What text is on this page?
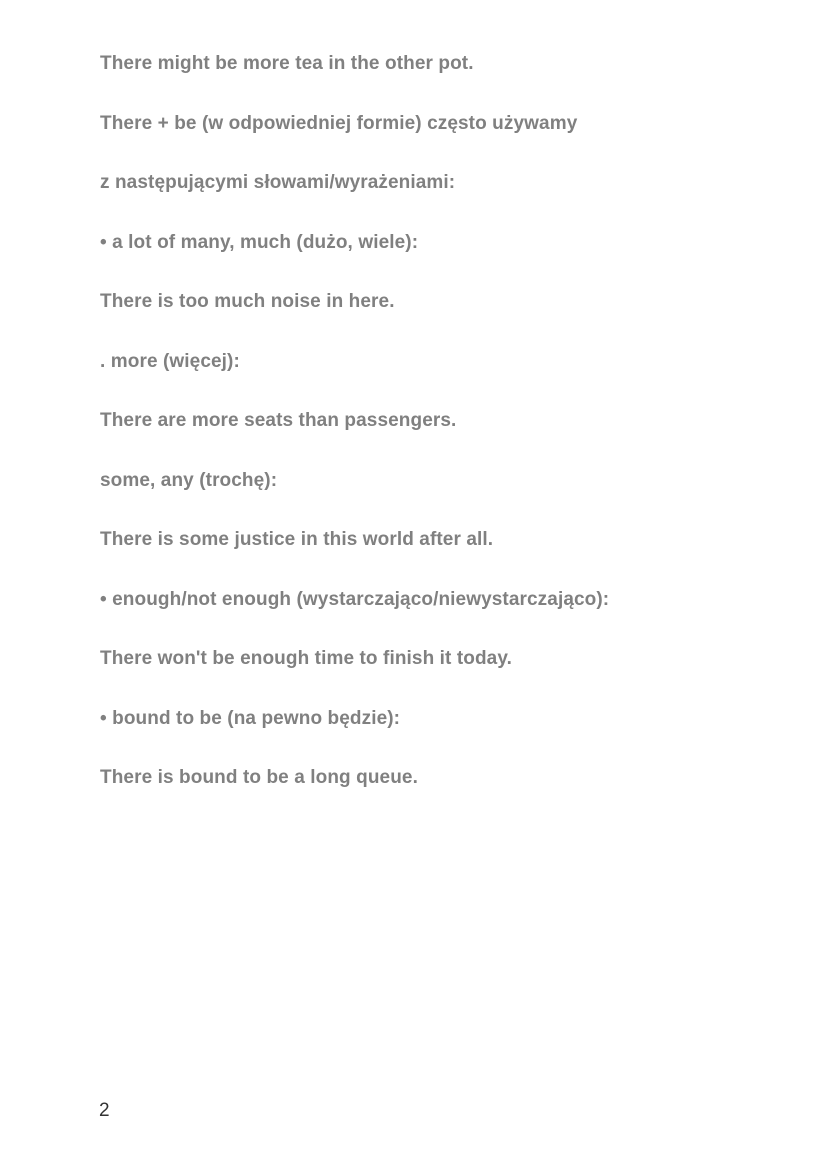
There might be more tea in the other pot.

There + be (w odpowiedniej formie) często używamy

z następującymi słowami/wyrażeniami:

• a lot of many, much (dużo, wiele):

There is too much noise in here.

. more (więcej):

There are more seats than passengers.

some, any (trochę):

There is some justice in this world after all.

• enough/not enough (wystarczająco/niewystarczająco):

There won't be enough time to finish it today.

• bound to be (na pewno będzie):

There is bound to be a long queue.

2
